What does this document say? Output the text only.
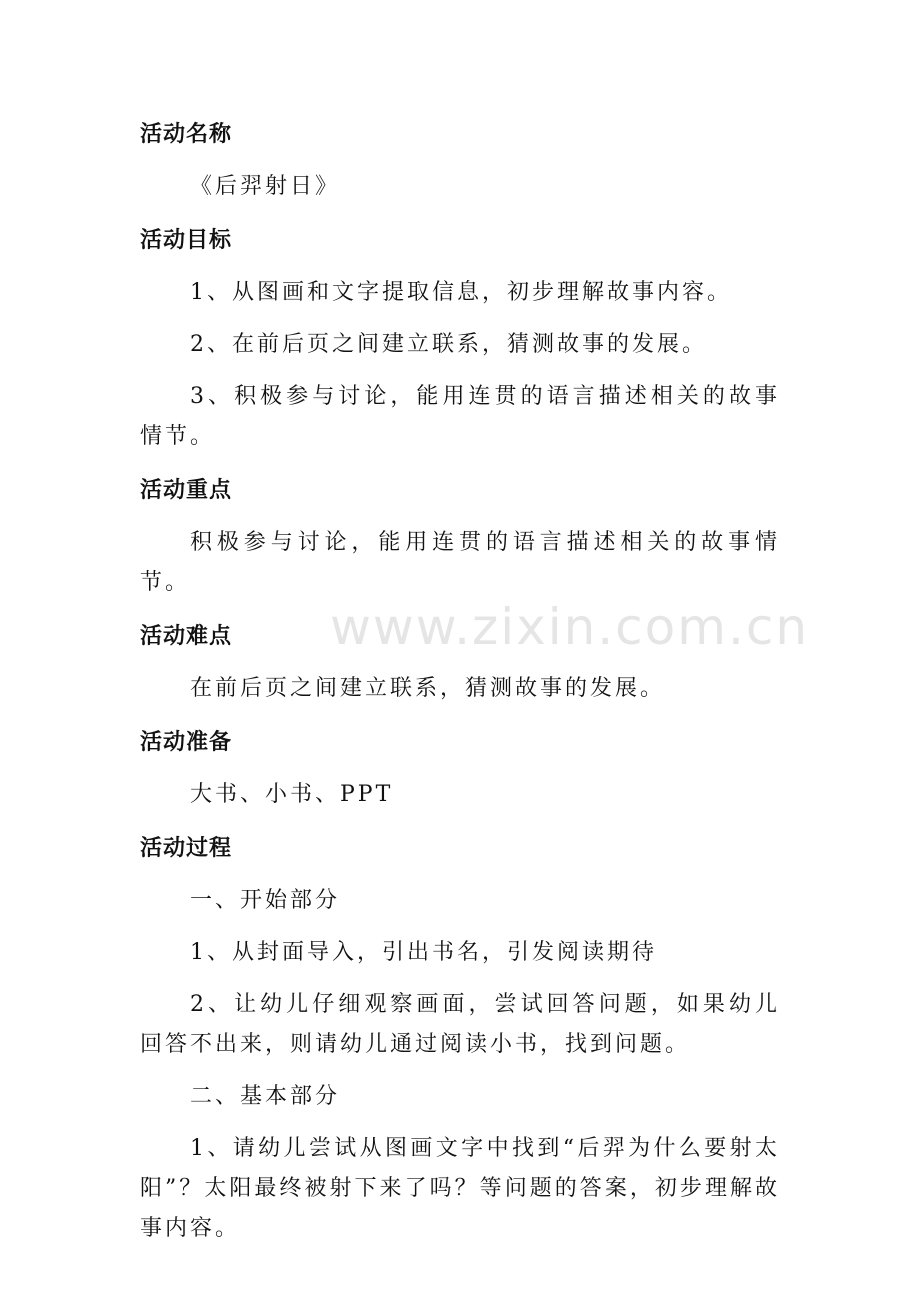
www.zixin.com.cn

活动名称

《后羿射日》

活动目标

1、从图画和文字提取信息，初步理解故事内容。

2、在前后页之间建立联系，猜测故事的发展。

3、积极参与讨论，能用连贯的语言描述相关的故事情节。

活动重点

积极参与讨论，能用连贯的语言描述相关的故事情节。

活动难点

在前后页之间建立联系，猜测故事的发展。

活动准备

大书、小书、PPT

活动过程

一、开始部分

1、从封面导入，引出书名，引发阅读期待

2、让幼儿仔细观察画面，尝试回答问题，如果幼儿回答不出来，则请幼儿通过阅读小书，找到问题。

二、基本部分

1、请幼儿尝试从图画文字中找到“后羿为什么要射太阳”？太阳最终被射下来了吗？等问题的答案，初步理解故事内容。
